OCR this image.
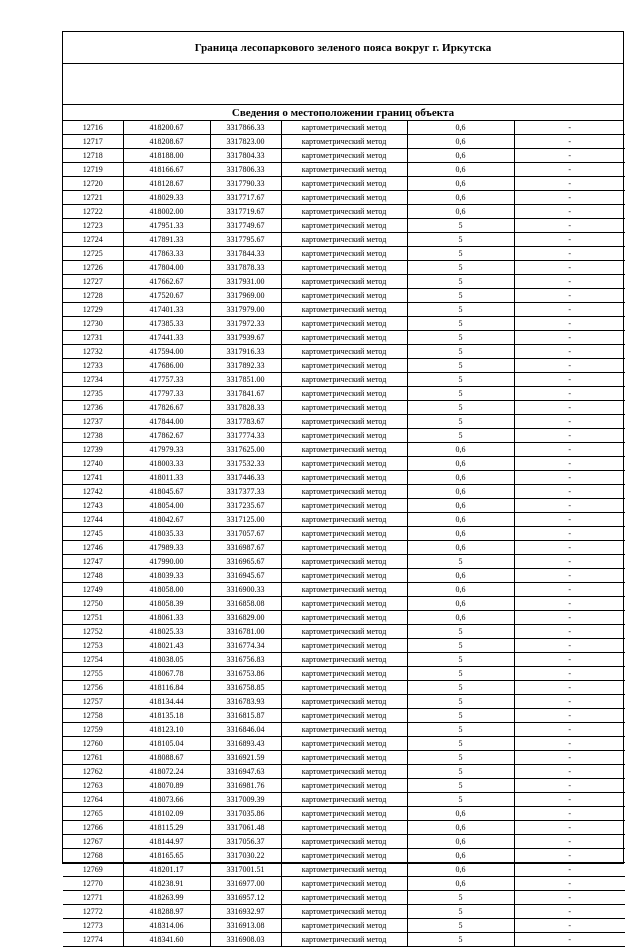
Граница лесопаркового зеленого пояса вокруг г. Иркутска
Сведения о местоположении границ объекта
12716	418200.67	3317866.33	картометрический метод	0,6	-
12717	418208.67	3317823.00	картометрический метод	0,6	-
12718	418188.00	3317804.33	картометрический метод	0,6	-
12719	418166.67	3317806.33	картометрический метод	0,6	-
12720	418128.67	3317790.33	картометрический метод	0,6	-
12721	418029.33	3317717.67	картометрический метод	0,6	-
12722	418002.00	3317719.67	картометрический метод	0,6	-
12723	417951.33	3317749.67	картометрический метод	5	-
12724	417891.33	3317795.67	картометрический метод	5	-
12725	417863.33	3317844.33	картометрический метод	5	-
12726	417804.00	3317878.33	картометрический метод	5	-
12727	417662.67	3317931.00	картометрический метод	5	-
12728	417520.67	3317969.00	картометрический метод	5	-
12729	417401.33	3317979.00	картометрический метод	5	-
12730	417385.33	3317972.33	картометрический метод	5	-
12731	417441.33	3317939.67	картометрический метод	5	-
12732	417594.00	3317916.33	картометрический метод	5	-
12733	417686.00	3317892.33	картометрический метод	5	-
12734	417757.33	3317851.00	картометрический метод	5	-
12735	417797.33	3317841.67	картометрический метод	5	-
12736	417826.67	3317828.33	картометрический метод	5	-
12737	417844.00	3317783.67	картометрический метод	5	-
12738	417862.67	3317774.33	картометрический метод	5	-
12739	417979.33	3317625.00	картометрический метод	0,6	-
12740	418003.33	3317532.33	картометрический метод	0,6	-
12741	418011.33	3317446.33	картометрический метод	0,6	-
12742	418045.67	3317377.33	картометрический метод	0,6	-
12743	418054.00	3317235.67	картометрический метод	0,6	-
12744	418042.67	3317125.00	картометрический метод	0,6	-
12745	418035.33	3317057.67	картометрический метод	0,6	-
12746	417989.33	3316987.67	картометрический метод	0,6	-
12747	417990.00	3316965.67	картометрический метод	5	-
12748	418039.33	3316945.67	картометрический метод	0,6	-
12749	418058.00	3316900.33	картометрический метод	0,6	-
12750	418058.39	3316858.08	картометрический метод	0,6	-
12751	418061.33	3316829.00	картометрический метод	0,6	-
12752	418025.33	3316781.00	картометрический метод	5	-
12753	418021.43	3316774.34	картометрический метод	5	-
12754	418038.05	3316756.83	картометрический метод	5	-
12755	418067.78	3316753.86	картометрический метод	5	-
12756	418116.84	3316758.85	картометрический метод	5	-
12757	418134.44	3316783.93	картометрический метод	5	-
12758	418135.18	3316815.87	картометрический метод	5	-
12759	418123.10	3316846.04	картометрический метод	5	-
12760	418105.04	3316893.43	картометрический метод	5	-
12761	418088.67	3316921.59	картометрический метод	5	-
12762	418072.24	3316947.63	картометрический метод	5	-
12763	418070.89	3316981.76	картометрический метод	5	-
12764	418073.66	3317009.39	картометрический метод	5	-
12765	418102.09	3317035.86	картометрический метод	0,6	-
12766	418115.29	3317061.48	картометрический метод	0,6	-
12767	418144.97	3317056.37	картометрический метод	0,6	-
12768	418165.65	3317030.22	картометрический метод	0,6	-
12769	418201.17	3317001.51	картометрический метод	0,6	-
12770	418238.91	3316977.00	картометрический метод	0,6	-
12771	418263.99	3316957.12	картометрический метод	5	-
12772	418288.97	3316932.97	картометрический метод	5	-
12773	418314.06	3316913.08	картометрический метод	5	-
12774	418341.60	3316908.03	картометрический метод	5	-
